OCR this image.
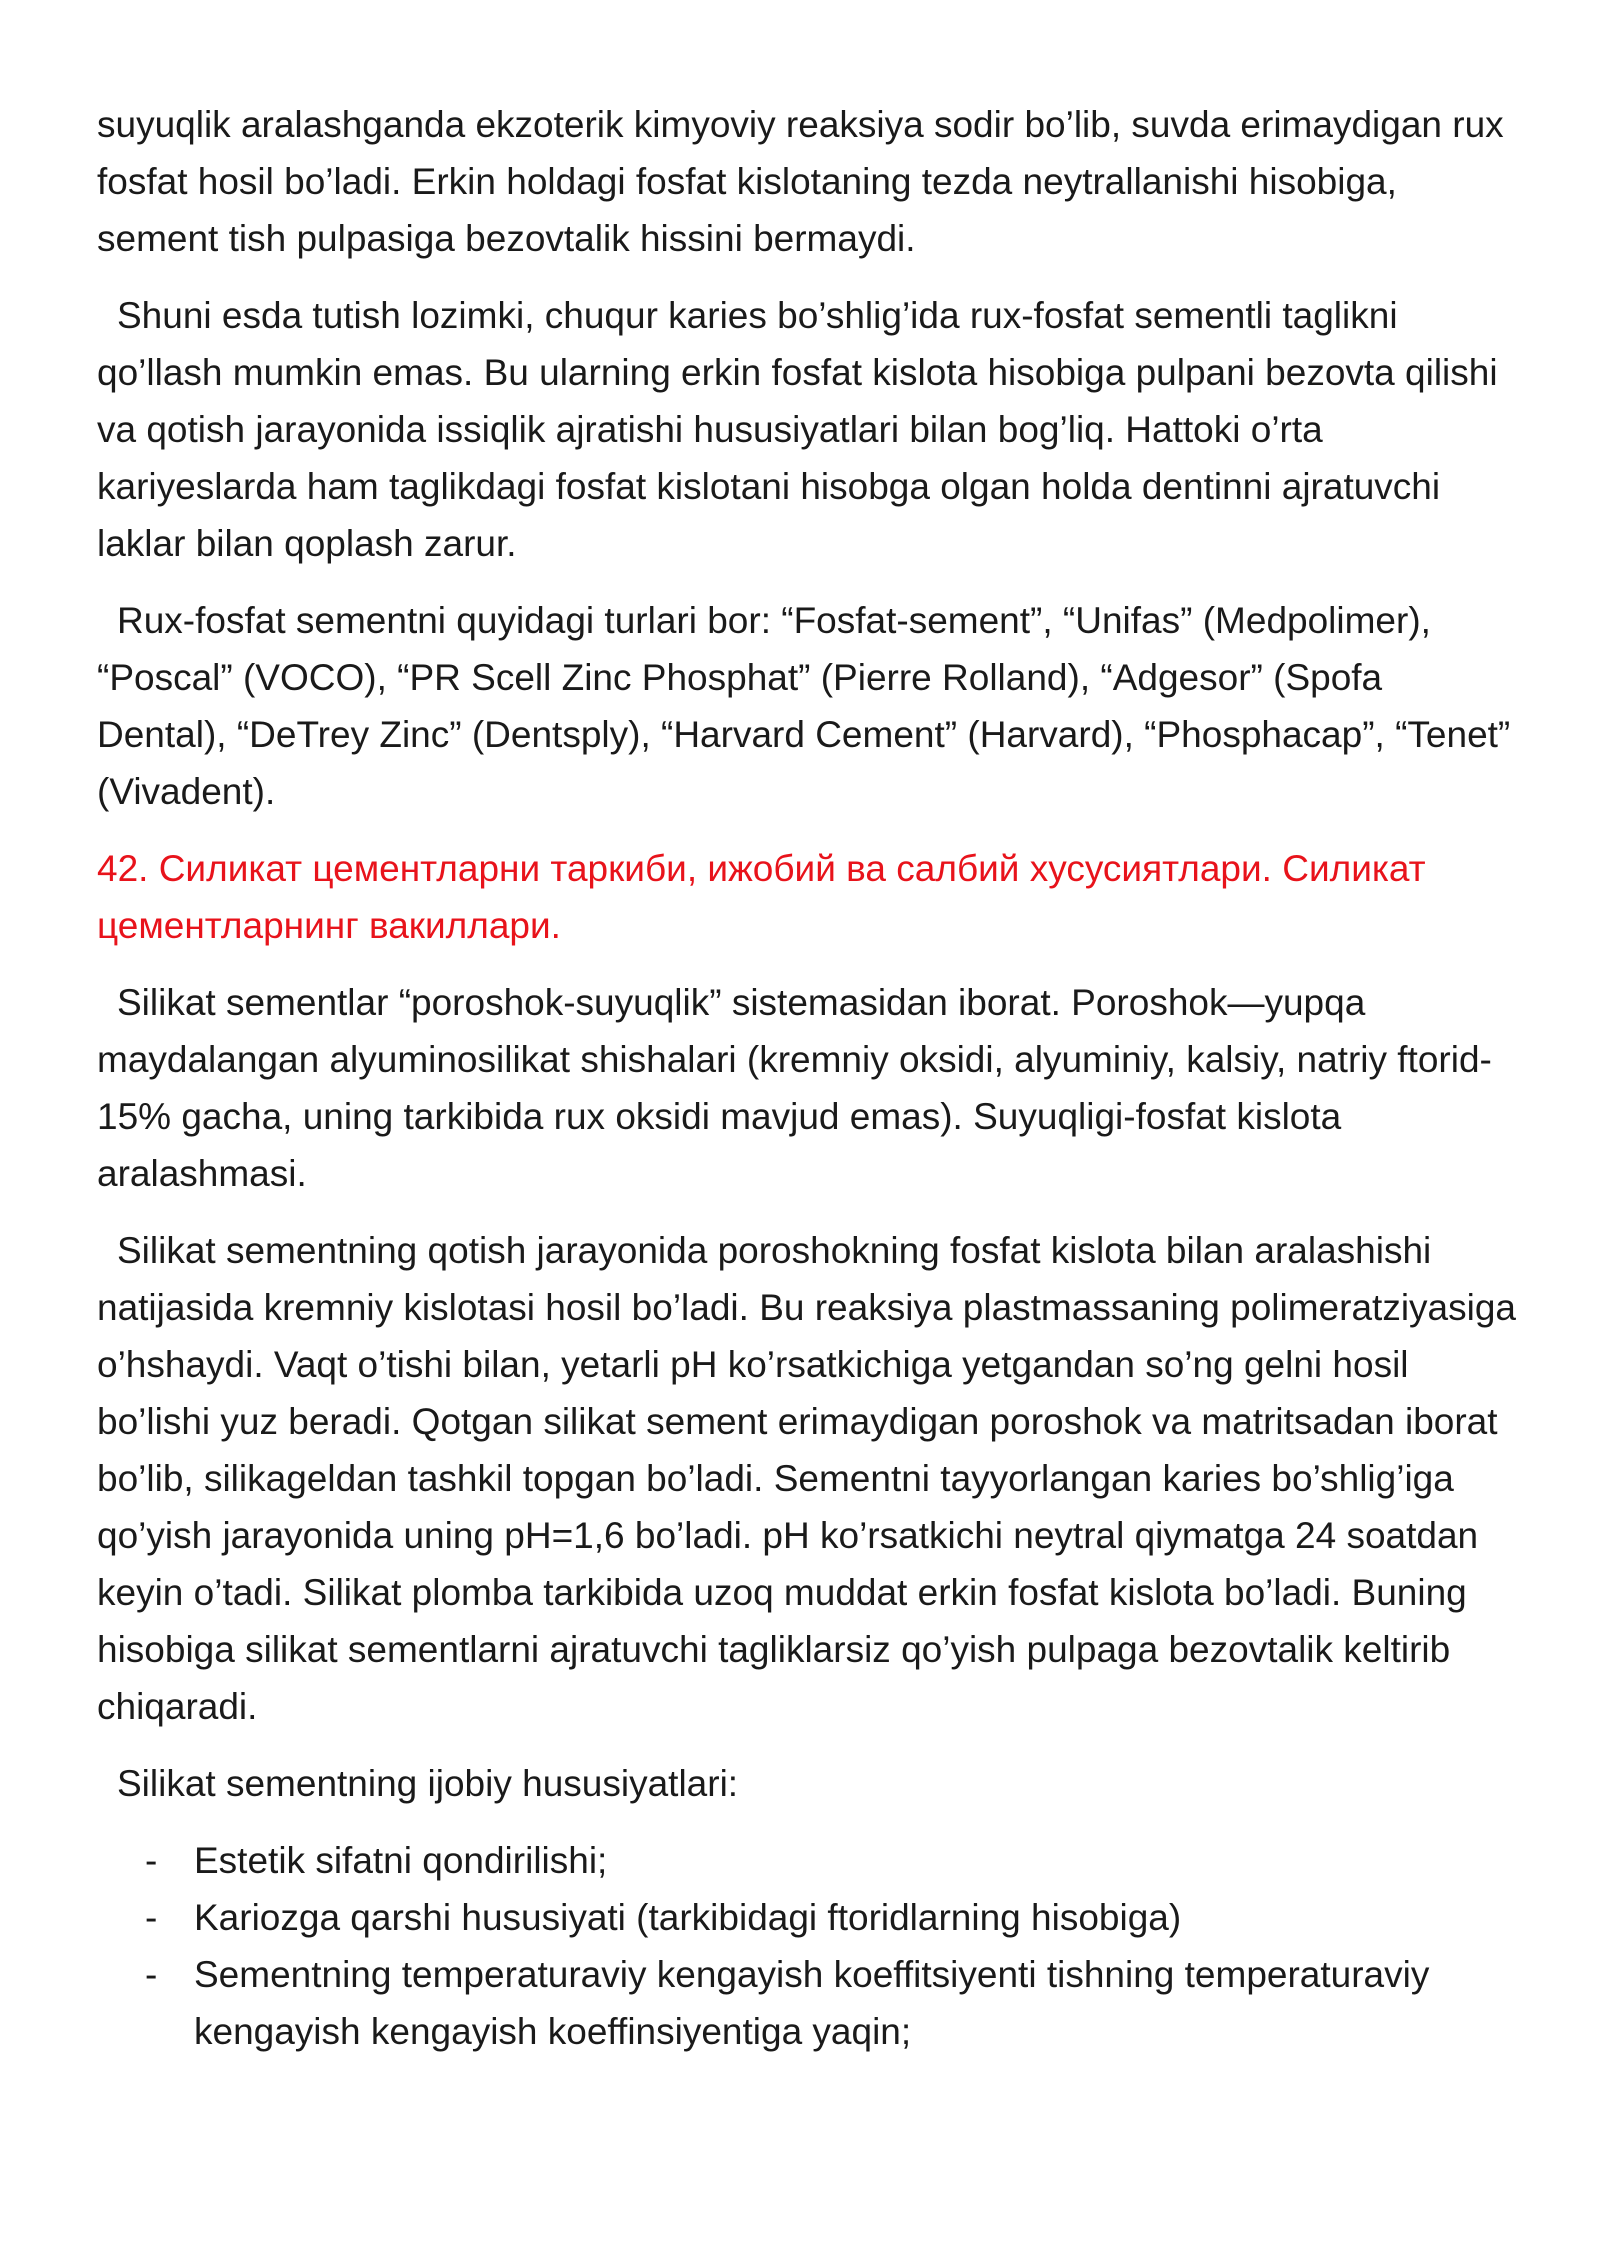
suyuqlik aralashganda ekzoterik kimyoviy reaksiya sodir bo’lib, suvda erimaydigan rux fosfat hosil bo’ladi. Erkin holdagi fosfat kislotaning tezda neytrallanishi hisobiga, sement tish pulpasiga bezovtalik hissini bermaydi.

Shuni esda tutish lozimki, chuqur karies bo’shlig’ida rux-fosfat sementli taglikni qo’llash mumkin emas. Bu ularning erkin fosfat kislota hisobiga pulpani bezovta qilishi va qotish jarayonida issiqlik ajratishi hususiyatlari bilan bog’liq. Hattoki o’rta kariyeslarda ham taglikdagi fosfat kislotani hisobga olgan holda dentinni ajratuvchi laklar bilan qoplash zarur.

Rux-fosfat sementni quyidagi turlari bor: “Fosfat-sement”, “Unifas” (Medpolimer), “Poscal” (VOCO), “PR Scell Zinc Phosphat” (Pierre Rolland), “Adgesor” (Spofa Dental), “DeTrey Zinc” (Dentsply), “Harvard Cement” (Harvard), “Phosphacap”, “Tenet” (Vivadent).

42. Силикат цементларни таркиби, ижобий ва салбий хусусиятлари. Силикат цементларнинг вакиллари.

Silikat sementlar “poroshok-suyuqlik” sistemasidan iborat. Poroshok—yupqa maydalangan alyuminosilikat shishalari (kremniy oksidi, alyuminiy, kalsiy, natriy ftorid-15% gacha, uning tarkibida rux oksidi mavjud emas). Suyuqligi-fosfat kislota aralashmasi.

Silikat sementning qotish jarayonida poroshokning fosfat kislota bilan aralashishi natijasida kremniy kislotasi hosil bo’ladi. Bu reaksiya plastmassaning polimeratziyasiga o’hshaydi. Vaqt o’tishi bilan, yetarli pH ko’rsatkichiga yetgandan so’ng gelni hosil bo’lishi yuz beradi. Qotgan silikat sement erimaydigan poroshok va matritsadan iborat bo’lib, silikageldan tashkil topgan bo’ladi. Sementni tayyorlangan karies bo’shlig’iga qo’yish jarayonida uning pH=1,6 bo’ladi. pH ko’rsatkichi neytral qiymatga 24 soatdan keyin o’tadi. Silikat plomba tarkibida uzoq muddat erkin fosfat kislota bo’ladi. Buning hisobiga silikat sementlarni ajratuvchi tagliklarsiz qo’yish pulpaga bezovtalik keltirib chiqaradi.

Silikat sementning ijobiy hususiyatlari:

- Estetik sifatni qondirilishi;
- Kariozga qarshi hususiyati (tarkibidagi ftoridlarning hisobiga)
- Sementning temperaturaviy kengayish koeffitsiyenti tishning temperaturaviy kengayish kengayish koeffinsiyentiga yaqin;
